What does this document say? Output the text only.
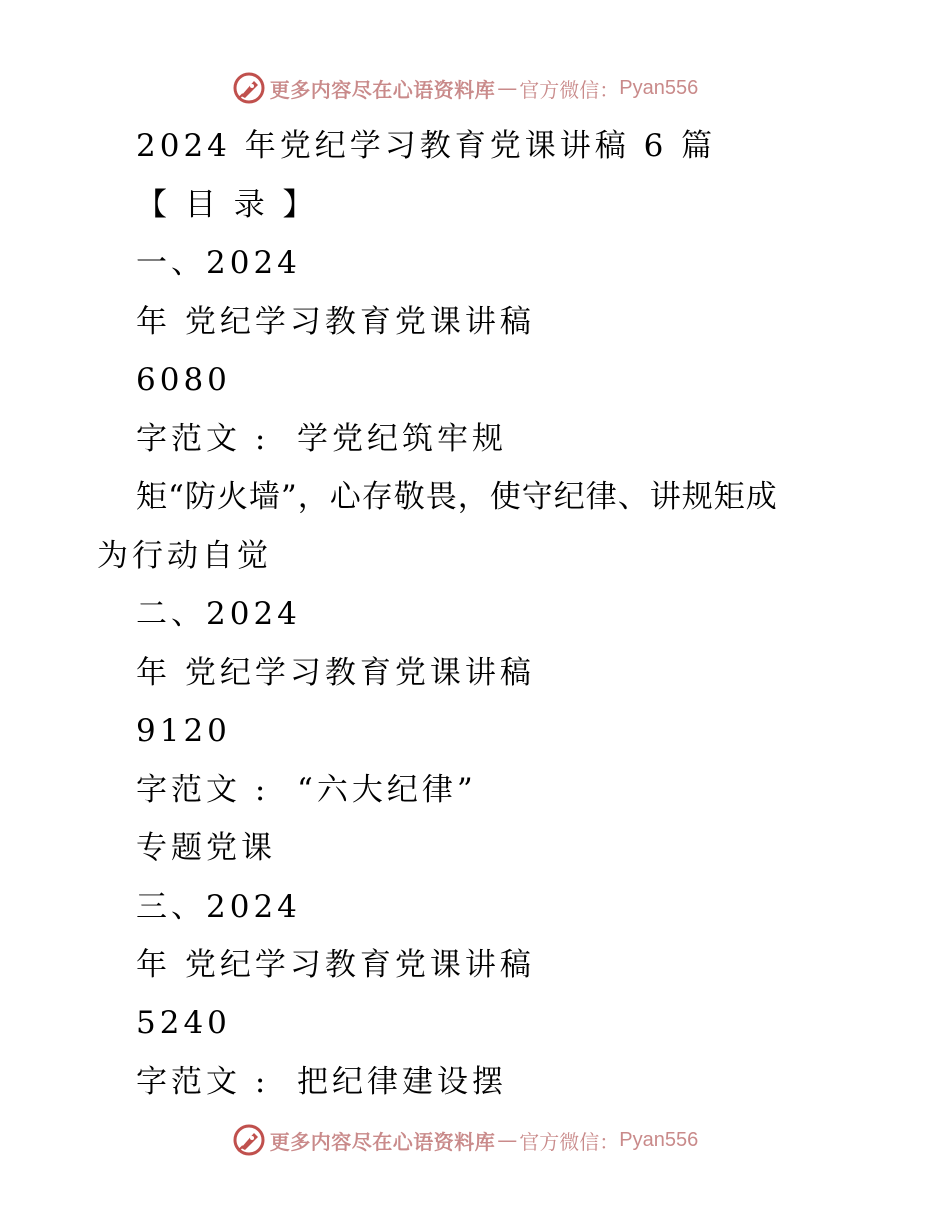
更多内容尽在心语资料库 — 官方微信： Pyan556
2024 年党纪学习教育党课讲稿 6 篇
【 目 录 】
一、2024
年 党纪学习教育党课讲稿
6080
字范文 :  学党纪筑牢规
矩“防火墙”，心存敬畏，使守纪律、讲规矩成
为行动自觉
二、2024
年 党纪学习教育党课讲稿
9120
字范文 :  “六大纪律”
专题党课
三、2024
年 党纪学习教育党课讲稿
5240
字范文 :  把纪律建设摆
更多内容尽在心语资料库 — 官方微信： Pyan556
